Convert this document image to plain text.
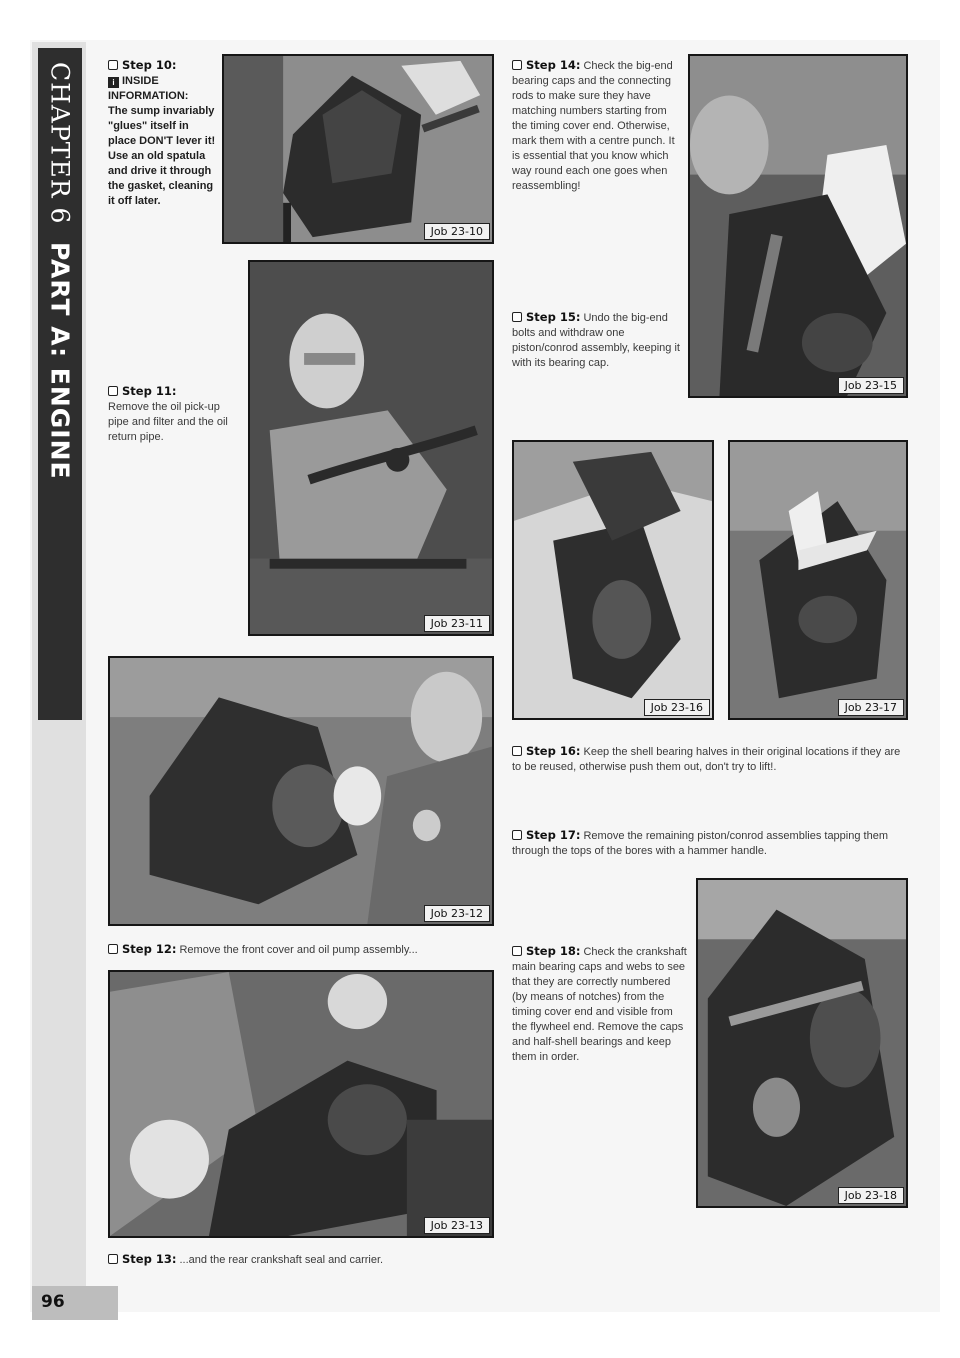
CHAPTER 6
PART A: ENGINE
96
Step 10:
i INSIDE INFORMATION:
The sump invariably "glues" itself in place DON'T lever it! Use an old spatula and drive it through the gasket, cleaning it off later.
Job 23-10
Job 23-11
Step 11:
Remove the oil pick-up pipe and filter and the oil return pipe.
Job 23-12
Step 12: Remove the front cover and oil pump assembly...
Job 23-13
Step 13: ...and the rear crankshaft seal and carrier.
Step 14: Check the big-end bearing caps and the connecting rods to make sure they have matching numbers starting from the timing cover end. Otherwise, mark them with a centre punch. It is essential that you know which way round each one goes when reassembling!
Step 15: Undo the big-end bolts and withdraw one piston/conrod assembly, keeping it with its bearing cap.
Job 23-15
Job 23-16	Job 23-17
Step 16: Keep the shell bearing halves in their original locations if they are to be reused, otherwise push them out, don't try to lift!.
Step 17: Remove the remaining piston/conrod assemblies tapping them through the tops of the bores with a hammer handle.
Step 18: Check the crankshaft main bearing caps and webs to see that they are correctly numbered (by means of notches) from the timing cover end and visible from the flywheel end. Remove the caps and half-shell bearings and keep them in order.
Job 23-18
